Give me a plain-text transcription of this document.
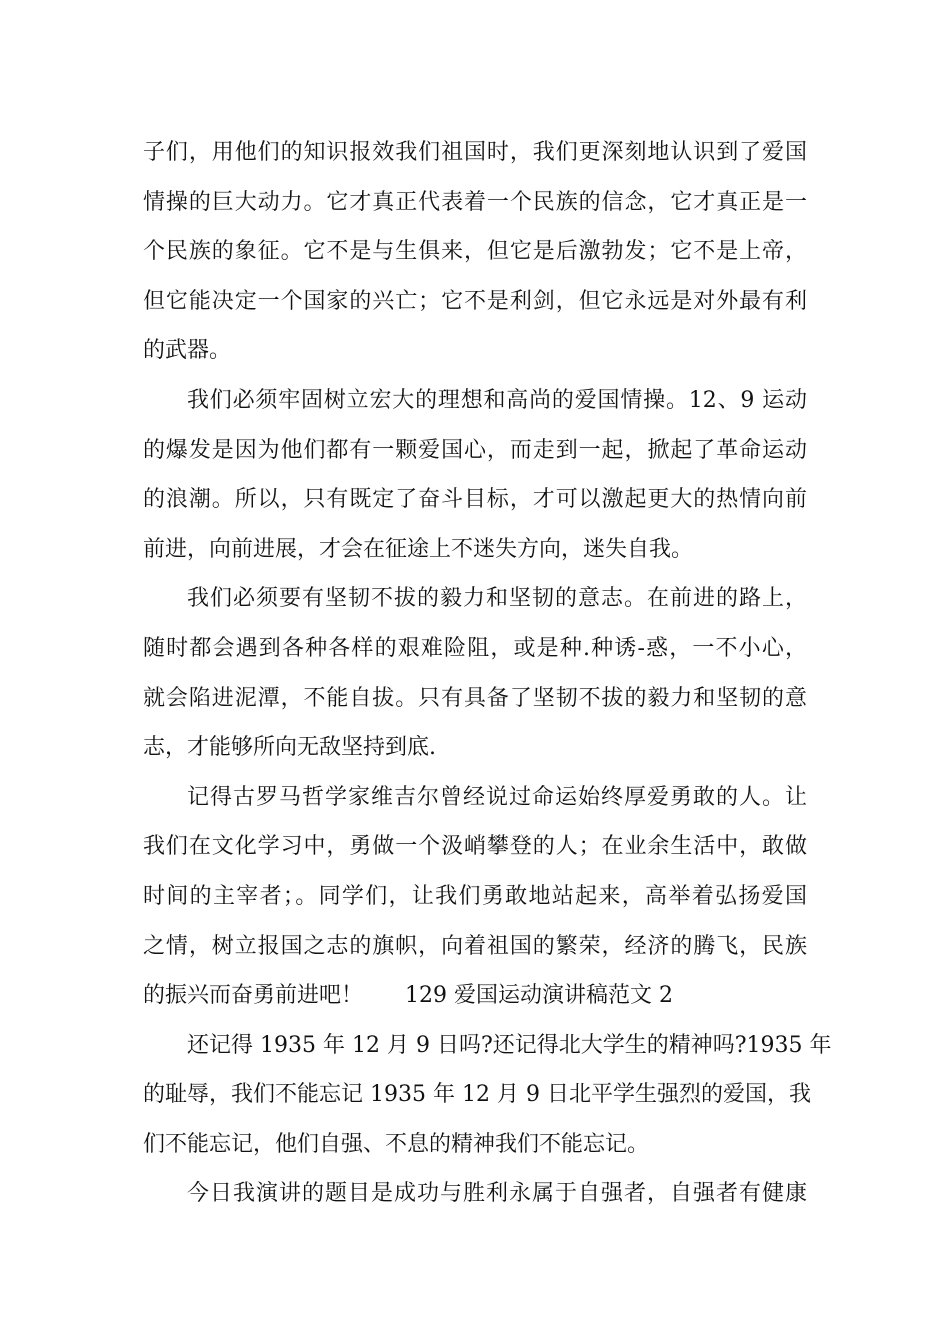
子们，用他们的知识报效我们祖国时，我们更深刻地认识到了爱国
情操的巨大动力。它才真正代表着一个民族的信念，它才真正是一
个民族的象征。它不是与生俱来，但它是后激勃发；它不是上帝，
但它能决定一个国家的兴亡；它不是利剑，但它永远是对外最有利
的武器。
我们必须牢固树立宏大的理想和高尚的爱国情操。12、9 运动
的爆发是因为他们都有一颗爱国心，而走到一起，掀起了革命运动
的浪潮。所以，只有既定了奋斗目标，才可以激起更大的热情向前
前进，向前进展，才会在征途上不迷失方向，迷失自我。
我们必须要有坚韧不拔的毅力和坚韧的意志。在前进的路上，
随时都会遇到各种各样的艰难险阻，或是种.种诱-惑，一不小心，
就会陷进泥潭，不能自拔。只有具备了坚韧不拔的毅力和坚韧的意
志，才能够所向无敌坚持到底.
记得古罗马哲学家维吉尔曾经说过命运始终厚爱勇敢的人。让
我们在文化学习中，勇做一个汲峭攀登的人；在业余生活中，敢做
时间的主宰者；。同学们，让我们勇敢地站起来，高举着弘扬爱国
之情，树立报国之志的旗帜，向着祖国的繁荣，经济的腾飞，民族
的振兴而奋勇前进吧！      129 爱国运动演讲稿范文 2
还记得 1935 年 12 月 9 日吗?还记得北大学生的精神吗?1935 年
的耻辱，我们不能忘记 1935 年 12 月 9 日北平学生强烈的爱国，我
们不能忘记，他们自强、不息的精神我们不能忘记。
今日我演讲的题目是成功与胜利永属于自强者，自强者有健康
